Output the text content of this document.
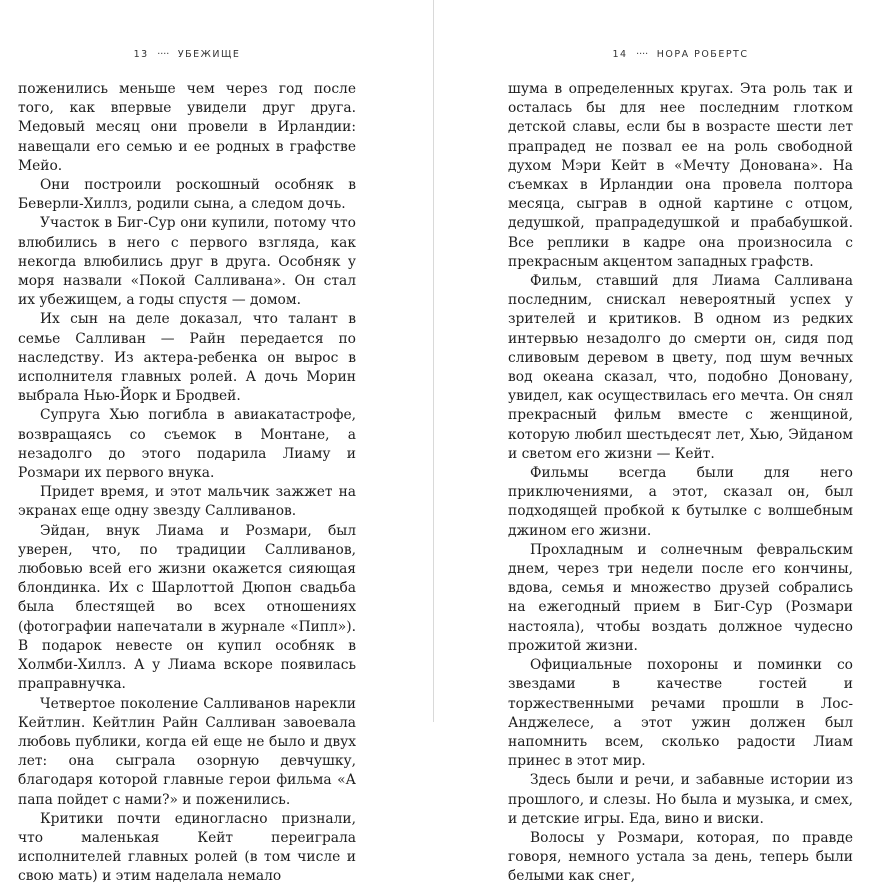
13 ···· УБЕЖИЩЕ

поженились меньше чем через год после того, как впервые увидели друг друга. Медовый месяц они провели в Ирландии: навещали его семью и ее родных в графстве Мейо.

Они построили роскошный особняк в Беверли-Хиллз, родили сына, а следом дочь.

Участок в Биг-Сур они купили, потому что влюбились в него с первого взгляда, как некогда влюбились друг в друга. Особняк у моря назвали «Покой Салливана». Он стал их убежищем, а годы спустя — домом.

Их сын на деле доказал, что талант в семье Салливан — Райн передается по наследству. Из актера-ребенка он вырос в исполнителя главных ролей. А дочь Морин выбрала Нью-Йорк и Бродвей.

Супруга Хью погибла в авиакатастрофе, возвращаясь со съемок в Монтане, а незадолго до этого подарила Лиаму и Розмари их первого внука.

Придет время, и этот мальчик зажжет на экранах еще одну звезду Салливанов.

Эйдан, внук Лиама и Розмари, был уверен, что, по традиции Салливанов, любовью всей его жизни окажется сияющая блондинка. Их с Шарлоттой Дюпон свадьба была блестящей во всех отношениях (фотографии напечатали в журнале «Пипл»). В подарок невесте он купил особняк в Холмби-Хиллз. А у Лиама вскоре появилась праправнучка.

Четвертое поколение Салливанов нарекли Кейтлин. Кейтлин Райн Салливан завоевала любовь публики, когда ей еще не было и двух лет: она сыграла озорную девчушку, благодаря которой главные герои фильма «А папа пойдет с нами?» и поженились.

Критики почти единогласно признали, что маленькая Кейт переиграла исполнителей главных ролей (в том числе и свою мать) и этим наделала немало

14 ···· НОРА РОБЕРТС

шума в определенных кругах. Эта роль так и осталась бы для нее последним глотком детской славы, если бы в возрасте шести лет прапрадед не позвал ее на роль свободной духом Мэри Кейт в «Мечту Донована». На съемках в Ирландии она провела полтора месяца, сыграв в одной картине с отцом, дедушкой, прапрадедушкой и прабабушкой. Все реплики в кадре она произносила с прекрасным акцентом западных графств.

Фильм, ставший для Лиама Салливана последним, снискал невероятный успех у зрителей и критиков. В одном из редких интервью незадолго до смерти он, сидя под сливовым деревом в цвету, под шум вечных вод океана сказал, что, подобно Доновану, увидел, как осуществилась его мечта. Он снял прекрасный фильм вместе с женщиной, которую любил шестьдесят лет, Хью, Эйданом и светом его жизни — Кейт.

Фильмы всегда были для него приключениями, а этот, сказал он, был подходящей пробкой к бутылке с волшебным джином его жизни.

Прохладным и солнечным февральским днем, через три недели после его кончины, вдова, семья и множество друзей собрались на ежегодный прием в Биг-Сур (Розмари настояла), чтобы воздать должное чудесно прожитой жизни.

Официальные похороны и поминки со звездами в качестве гостей и торжественными речами прошли в Лос-Анджелесе, а этот ужин должен был напомнить всем, сколько радости Лиам принес в этот мир.

Здесь были и речи, и забавные истории из прошлого, и слезы. Но была и музыка, и смех, и детские игры. Еда, вино и виски.

Волосы у Розмари, которая, по правде говоря, немного устала за день, теперь были белыми как снег,
